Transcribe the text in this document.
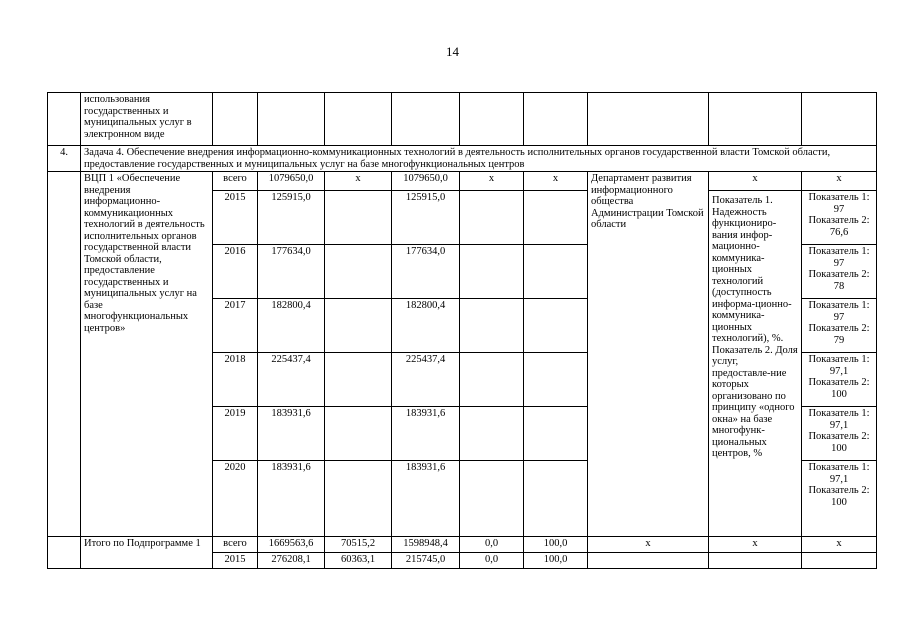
14
	использования государственных и муниципальных услуг в электронном виде									
4.	Задача 4. Обеспечение внедрения информационно-коммуникационных технологий в деятельность исполнительных органов государственной власти Томской области, предоставление государственных и муниципальных услуг на базе многофункциональных центров									
	ВЦП 1 «Обеспечение внедрения информационно-коммуникационных технологий в деятельность исполнительных органов государственной власти Томской области, предоставление государственных и муниципальных услуг на базе многофункциональных центров»	всего	1079650,0	х	1079650,0	х	х	Департамент развития информационного общества Администрации Томской области	х	х
		2015	125915,0		125915,0				Показатель 1. Надежность функциониро-вания инфор-мационно-коммуника-ционных технологий (доступность информа-ционно-коммуника-ционных технологий), %. Показатель 2. Доля услуг, предоставле-ние которых организовано по принципу «одного окна» на базе многофунк-циональных центров, %	Показатель 1: 97
Показатель 2: 76,6

		2016	177634,0		177634,0					Показатель 1: 97
Показатель 2: 78

		2017	182800,4		182800,4					Показатель 1: 97
Показатель 2: 79

		2018	225437,4		225437,4					Показатель 1: 97,1
Показатель 2: 100

		2019	183931,6		183931,6					Показатель 1: 97,1
Показатель 2: 100

		2020	183931,6		183931,6					Показатель 1: 97,1
Показатель 2: 100

	Итого по Подпрограмме 1	всего	1669563,6	70515,2	1598948,4	0,0	100,0	х	х	х
		2015	276208,1	60363,1	215745,0	0,0	100,0			
